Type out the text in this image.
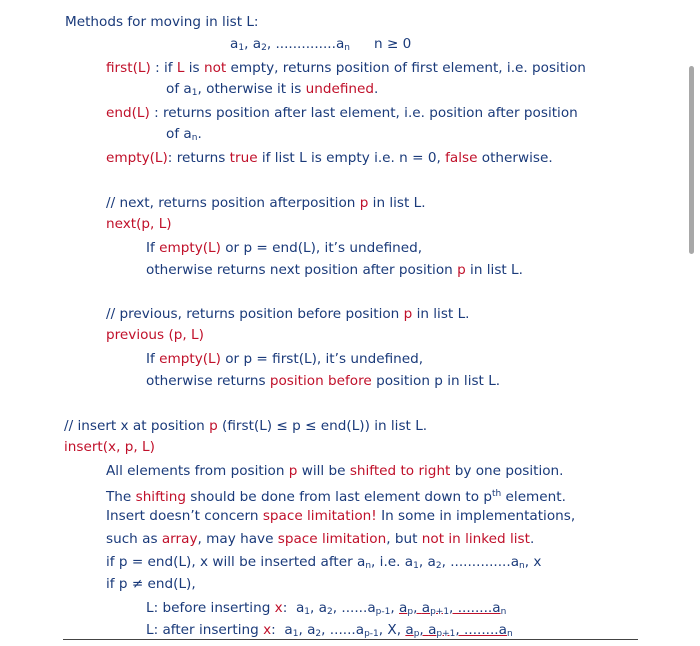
Methods for moving in list L:
$a_1$, $a_2$, $..............a_n$ n ≥ 0
first(L) : if L is not empty, returns position of first element, i.e. position
of $a_1$, otherwise it is undefined.
end(L) : returns position after last element, i.e. position after position
of $a_n$.
empty(L): returns true if list L is empty i.e. n = 0, false otherwise.
// next, returns position afterposition p in list L.
next(p, L)
If empty(L) or p = end(L), it’s undefined,
otherwise returns next position after position p in list L.
// previous, returns position before position p in list L.
previous (p, L)
If empty(L) or p = first(L), it’s undefined,
otherwise returns position before position p in list L.
// insert x at position p (first(L) ≤ p ≤ end(L)) in list L.
insert(x, p, L)
All elements from position p will be shifted to right by one position.
The shifting should be done from last element down to $p^{th}$ element.
Insert doesn’t concern space limitation! In some in implementations,
such as array, may have space limitation, but not in linked list.
if p = end(L), x will be inserted after $a_n$, i.e. $a_1$, $a_2$, $..............a_n$, x
if p ≠ end(L),
L: before inserting x: $a_1$, $a_2$, $......a_{p-1}$, $a_p$, $a_{p+1}$, $........a_n$
L: after inserting x: $a_1$, $a_2$, $......a_{p-1}$, X, $a_p$, $a_{p+1}$, $........a_n$
